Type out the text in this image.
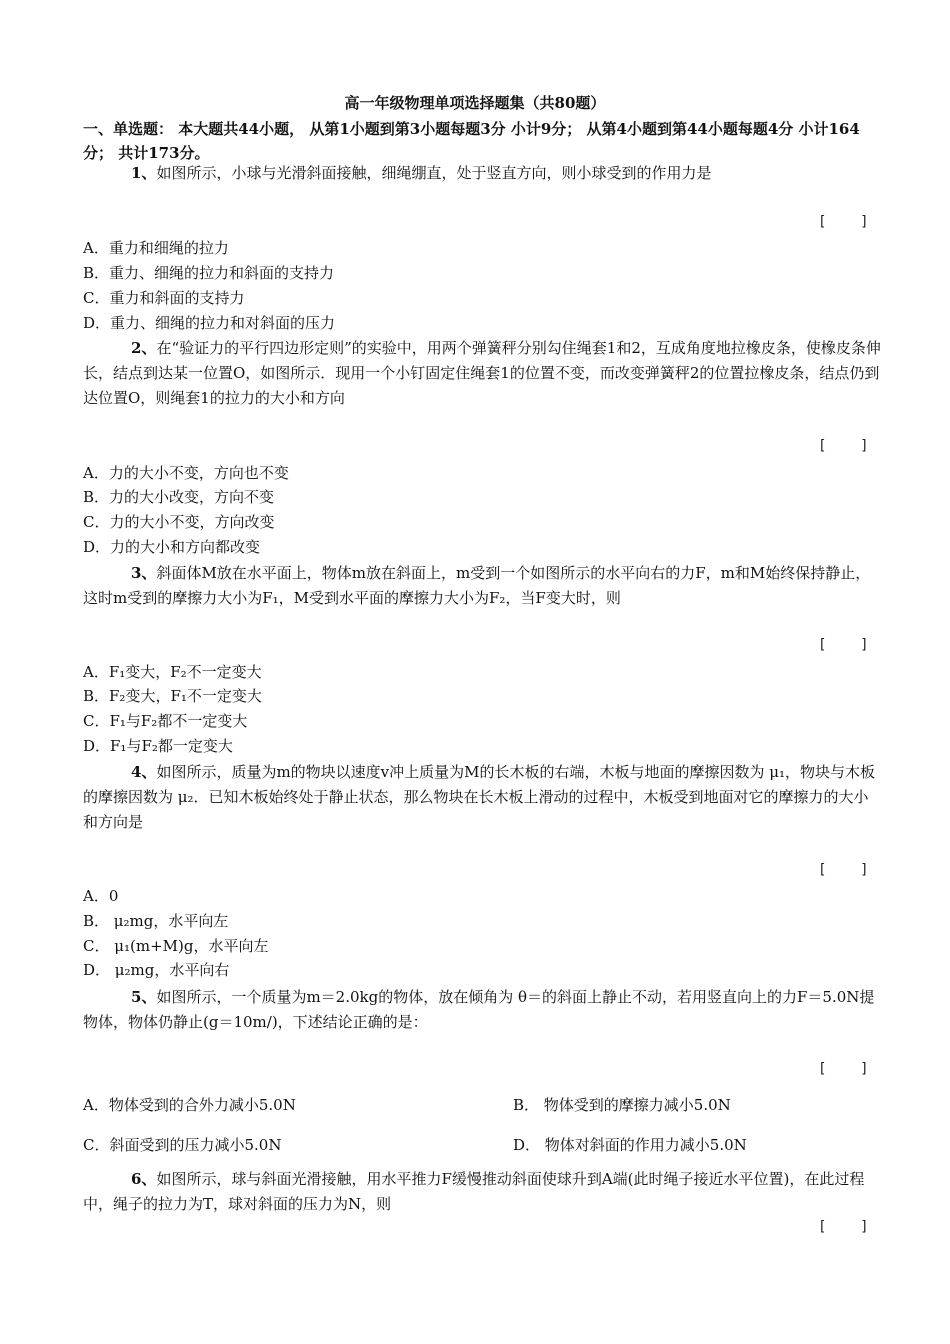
高一年级物理单项选择题集（共80题）
一、单选题： 本大题共44小题， 从第1小题到第3小题每题3分 小计9分； 从第4小题到第44小题每题4分 小计164分； 共计173分。
1、如图所示，小球与光滑斜面接触，细绳绷直，处于竖直方向，则小球受到的作用力是
[    ]
A．重力和细绳的拉力
B．重力、细绳的拉力和斜面的支持力
C．重力和斜面的支持力
D．重力、细绳的拉力和对斜面的压力
2、在“验证力的平行四边形定则”的实验中，用两个弹簧秤分别勾住绳套1和2，互成角度地拉橡皮条，使橡皮条伸长，结点到达某一位置O，如图所示．现用一个小钉固定住绳套1的位置不变，而改变弹簧秤2的位置拉橡皮条，结点仍到达位置O，则绳套1的拉力的大小和方向
[    ]
A．力的大小不变，方向也不变
B．力的大小改变，方向不变
C．力的大小不变，方向改变
D．力的大小和方向都改变
3、斜面体M放在水平面上，物体m放在斜面上，m受到一个如图所示的水平向右的力F，m和M始终保持静止，这时m受到的摩擦力大小为F₁，M受到水平面的摩擦力大小为F₂，当F变大时，则
[    ]
A．F₁变大，F₂不一定变大
B．F₂变大，F₁不一定变大
C．F₁与F₂都不一定变大
D．F₁与F₂都一定变大
4、如图所示，质量为m的物块以速度v冲上质量为M的长木板的右端，木板与地面的摩擦因数为 μ₁，物块与木板的摩擦因数为 μ₂．已知木板始终处于静止状态，那么物块在长木板上滑动的过程中，木板受到地面对它的摩擦力的大小和方向是
[    ]
A．0
B． μ₂mg，水平向左
C． μ₁(m+M)g，水平向左
D． μ₂mg，水平向右
5、如图所示，一个质量为m＝2.0kg的物体，放在倾角为 θ＝的斜面上静止不动，若用竖直向上的力F＝5.0N提物体，物体仍静止(g＝10m/)，下述结论正确的是：
[    ]
A．物体受到的合外力减小5.0N	B． 物体受到的摩擦力减小5.0N
C．斜面受到的压力减小5.0N	D． 物体对斜面的作用力减小5.0N
6、如图所示，球与斜面光滑接触，用水平推力F缓慢推动斜面使球升到A端(此时绳子接近水平位置)，在此过程中，绳子的拉力为T，球对斜面的压力为N，则
[    ]
